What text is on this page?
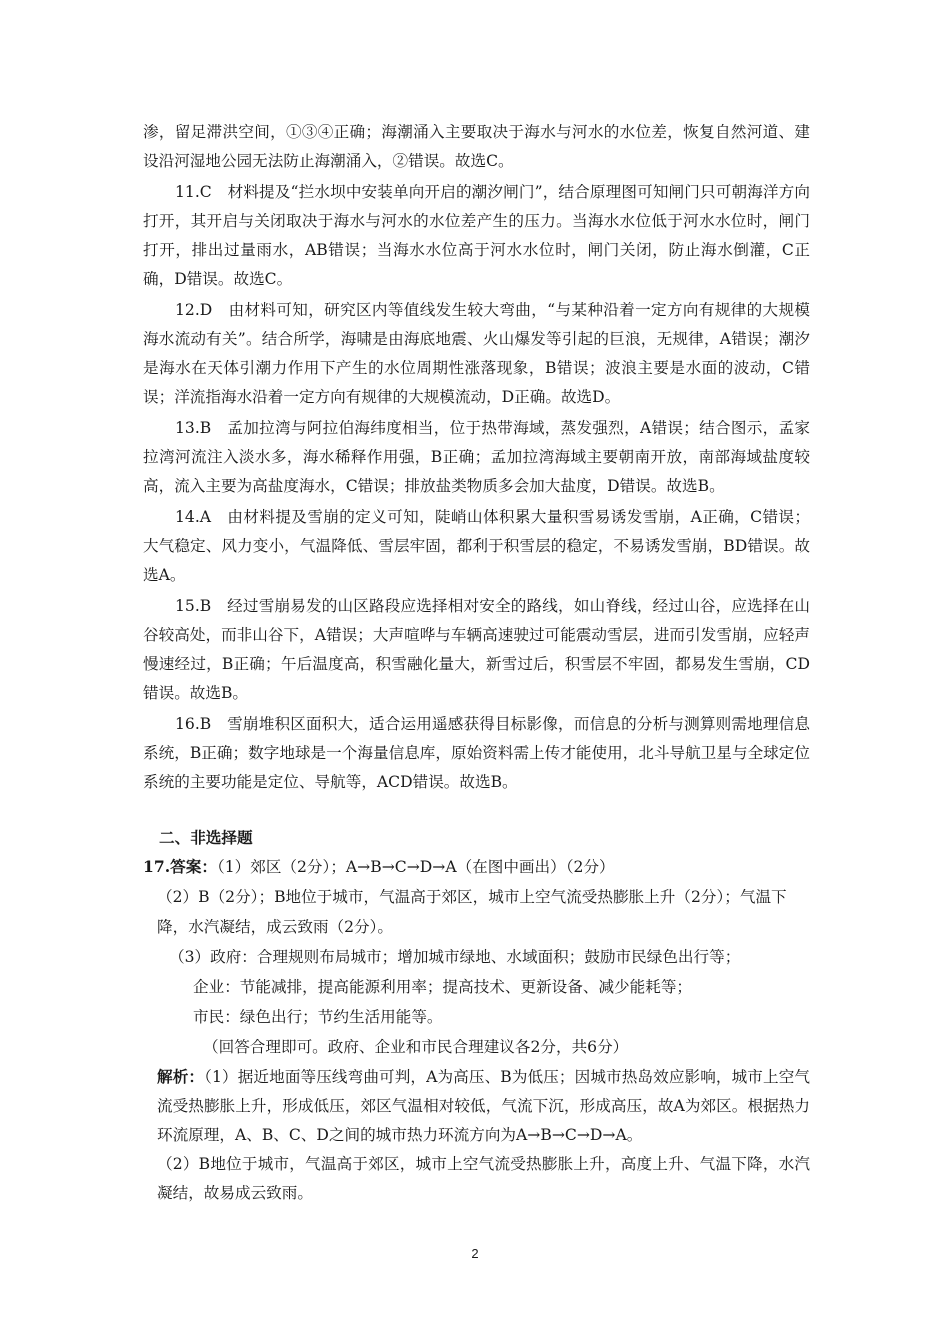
渗，留足滞洪空间，①③④正确；海潮涌入主要取决于海水与河水的水位差，恢复自然河道、建设沿河湿地公园无法防止海潮涌入，②错误。故选C。

11.C　材料提及“拦水坝中安装单向开启的潮汐闸门”，结合原理图可知闸门只可朝海洋方向打开，其开启与关闭取决于海水与河水的水位差产生的压力。当海水水位低于河水水位时，闸门打开，排出过量雨水，AB错误；当海水水位高于河水水位时，闸门关闭，防止海水倒灌，C正确，D错误。故选C。

12.D　由材料可知，研究区内等值线发生较大弯曲，“与某种沿着一定方向有规律的大规模海水流动有关”。结合所学，海啸是由海底地震、火山爆发等引起的巨浪，无规律，A错误；潮汐是海水在天体引潮力作用下产生的水位周期性涨落现象，B错误；波浪主要是水面的波动，C错误；洋流指海水沿着一定方向有规律的大规模流动，D正确。故选D。

13.B　孟加拉湾与阿拉伯海纬度相当，位于热带海域，蒸发强烈，A错误；结合图示，孟家拉湾河流注入淡水多，海水稀释作用强，B正确；孟加拉湾海域主要朝南开放，南部海域盐度较高，流入主要为高盐度海水，C错误；排放盐类物质多会加大盐度，D错误。故选B。

14.A　由材料提及雪崩的定义可知，陡峭山体积累大量积雪易诱发雪崩，A正确，C错误；大气稳定、风力变小，气温降低、雪层牢固，都利于积雪层的稳定，不易诱发雪崩，BD错误。故选A。

15.B　经过雪崩易发的山区路段应选择相对安全的路线，如山脊线，经过山谷，应选择在山谷较高处，而非山谷下，A错误；大声喧哗与车辆高速驶过可能震动雪层，进而引发雪崩，应轻声慢速经过，B正确；午后温度高，积雪融化量大，新雪过后，积雪层不牢固，都易发生雪崩，CD错误。故选B。

16.B　雪崩堆积区面积大，适合运用遥感获得目标影像，而信息的分析与测算则需地理信息系统，B正确；数字地球是一个海量信息库，原始资料需上传才能使用，北斗导航卫星与全球定位系统的主要功能是定位、导航等，ACD错误。故选B。

二、非选择题

17.答案：（1）郊区（2分）；A→B→C→D→A（在图中画出）（2分）

（2）B（2分）；B地位于城市，气温高于郊区，城市上空气流受热膨胀上升（2分）；气温下降，水汽凝结，成云致雨（2分）。

（3）政府：合理规则布局城市；增加城市绿地、水域面积；鼓励市民绿色出行等；

企业：节能减排，提高能源利用率；提高技术、更新设备、减少能耗等；

市民：绿色出行；节约生活用能等。

（回答合理即可。政府、企业和市民合理建议各2分，共6分）

解析：（1）据近地面等压线弯曲可判，A为高压、B为低压；因城市热岛效应影响，城市上空气流受热膨胀上升，形成低压，郊区气温相对较低，气流下沉，形成高压，故A为郊区。根据热力环流原理，A、B、C、D之间的城市热力环流方向为A→B→C→D→A。

（2）B地位于城市，气温高于郊区，城市上空气流受热膨胀上升，高度上升、气温下降，水汽凝结，故易成云致雨。

2
